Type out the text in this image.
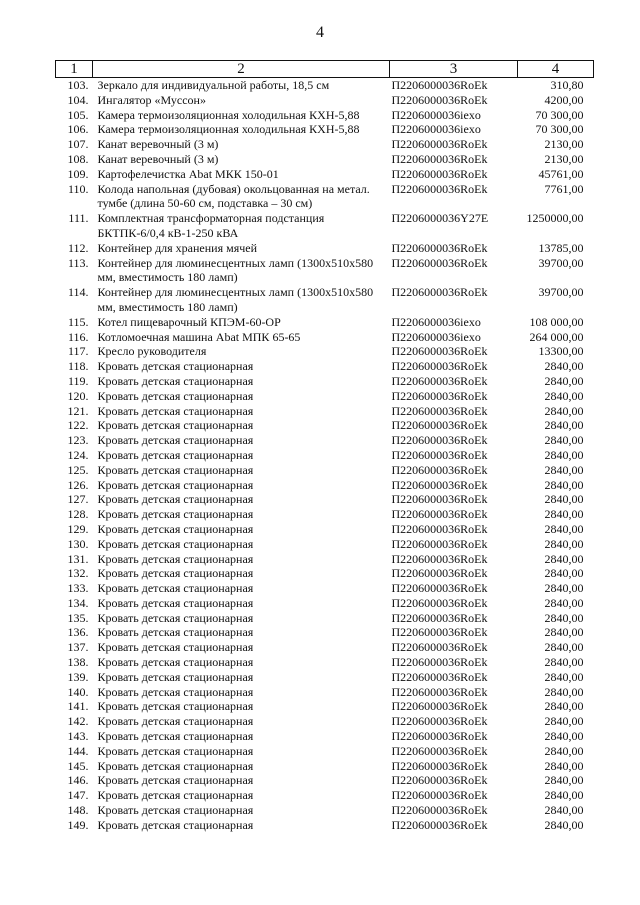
4
1	2	3	4
103.	Зеркало для индивидуальной работы, 18,5 см	П2206000036RoEk	310,80
104.	Ингалятор «Муссон»	П2206000036RoEk	4200,00
105.	Камера термоизоляционная холодильная КХН-5,88	П2206000036iexo	70 300,00
106.	Камера термоизоляционная холодильная КХН-5,88	П2206000036iexo	70 300,00
107.	Канат веревочный (3 м)	П2206000036RoEk	2130,00
108.	Канат веревочный (3 м)	П2206000036RoEk	2130,00
109.	Картофелечистка Abat МКК 150-01	П2206000036RoEk	45761,00
110.	Колода напольная (дубовая) окольцованная на метал. тумбе (длина 50-60 см, подставка – 30 см)	П2206000036RoEk	7761,00
111.	Комплектная трансформаторная подстанция БКТПК-6/0,4 кВ-1-250 кВА	П2206000036Y27E	1250000,00
112.	Контейнер для хранения мячей	П2206000036RoEk	13785,00
113.	Контейнер для люминесцентных ламп (1300х510х580 мм, вместимость 180 ламп)	П2206000036RoEk	39700,00
114.	Контейнер для люминесцентных ламп (1300х510х580 мм, вместимость 180 ламп)	П2206000036RoEk	39700,00
115.	Котел пищеварочный КПЭМ-60-ОР	П2206000036iexo	108 000,00
116.	Котломоечная машина Abat МПК 65-65	П2206000036iexo	264 000,00
117.	Кресло руководителя	П2206000036RoEk	13300,00
118.	Кровать детская стационарная	П2206000036RoEk	2840,00
119.	Кровать детская стационарная	П2206000036RoEk	2840,00
120.	Кровать детская стационарная	П2206000036RoEk	2840,00
121.	Кровать детская стационарная	П2206000036RoEk	2840,00
122.	Кровать детская стационарная	П2206000036RoEk	2840,00
123.	Кровать детская стационарная	П2206000036RoEk	2840,00
124.	Кровать детская стационарная	П2206000036RoEk	2840,00
125.	Кровать детская стационарная	П2206000036RoEk	2840,00
126.	Кровать детская стационарная	П2206000036RoEk	2840,00
127.	Кровать детская стационарная	П2206000036RoEk	2840,00
128.	Кровать детская стационарная	П2206000036RoEk	2840,00
129.	Кровать детская стационарная	П2206000036RoEk	2840,00
130.	Кровать детская стационарная	П2206000036RoEk	2840,00
131.	Кровать детская стационарная	П2206000036RoEk	2840,00
132.	Кровать детская стационарная	П2206000036RoEk	2840,00
133.	Кровать детская стационарная	П2206000036RoEk	2840,00
134.	Кровать детская стационарная	П2206000036RoEk	2840,00
135.	Кровать детская стационарная	П2206000036RoEk	2840,00
136.	Кровать детская стационарная	П2206000036RoEk	2840,00
137.	Кровать детская стационарная	П2206000036RoEk	2840,00
138.	Кровать детская стационарная	П2206000036RoEk	2840,00
139.	Кровать детская стационарная	П2206000036RoEk	2840,00
140.	Кровать детская стационарная	П2206000036RoEk	2840,00
141.	Кровать детская стационарная	П2206000036RoEk	2840,00
142.	Кровать детская стационарная	П2206000036RoEk	2840,00
143.	Кровать детская стационарная	П2206000036RoEk	2840,00
144.	Кровать детская стационарная	П2206000036RoEk	2840,00
145.	Кровать детская стационарная	П2206000036RoEk	2840,00
146.	Кровать детская стационарная	П2206000036RoEk	2840,00
147.	Кровать детская стационарная	П2206000036RoEk	2840,00
148.	Кровать детская стационарная	П2206000036RoEk	2840,00
149.	Кровать детская стационарная	П2206000036RoEk	2840,00
